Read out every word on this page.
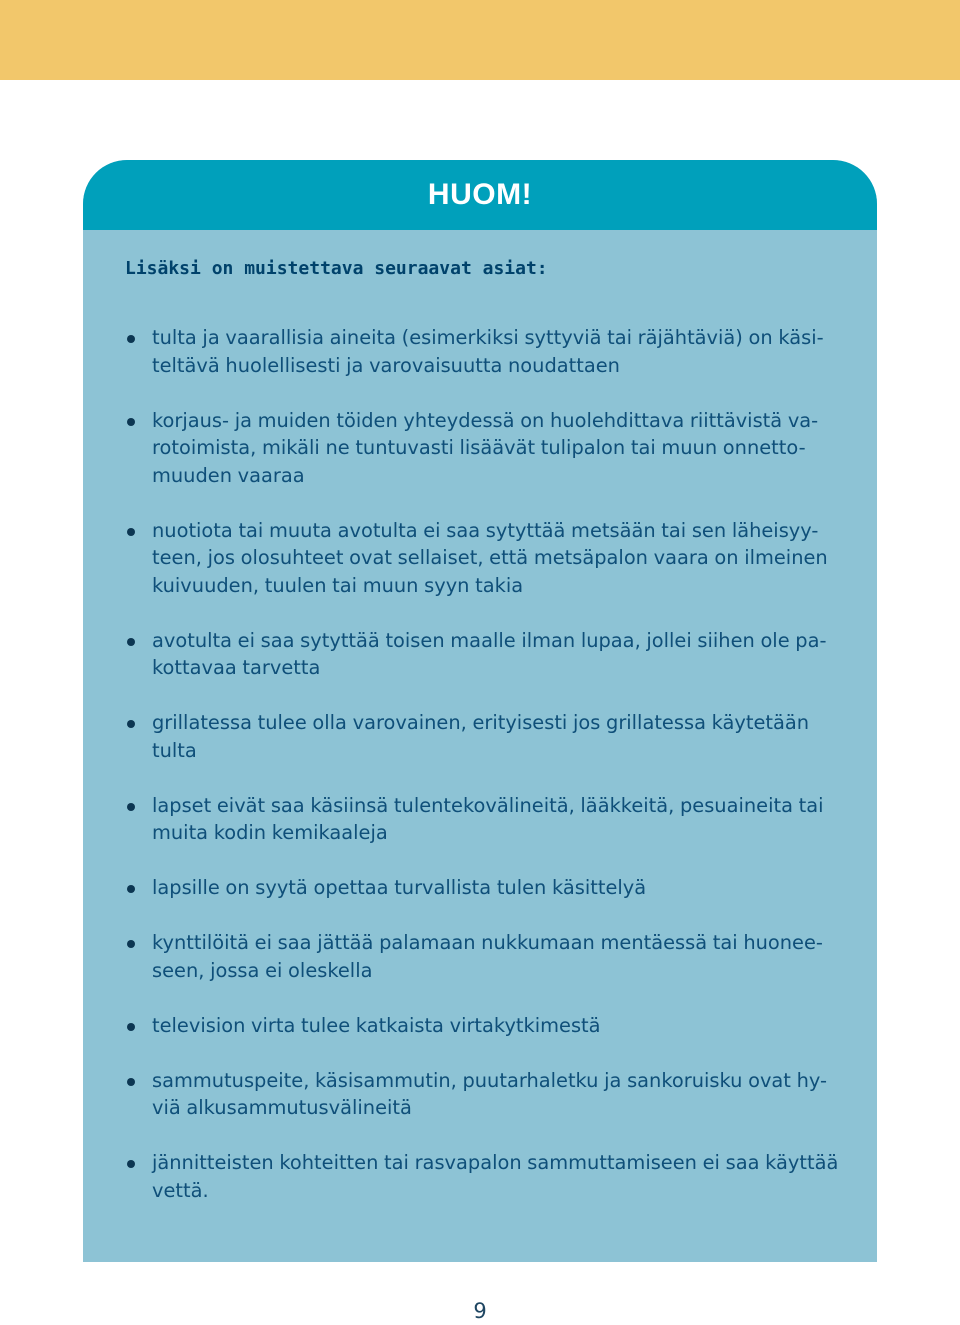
HUOM!
Lisäksi on muistettava seuraavat asiat:
tulta ja vaarallisia aineita (esimerkiksi syttyviä tai räjähtäviä) on käsi-teltävä huolellisesti ja varovaisuutta noudattaen
korjaus- ja muiden töiden yhteydessä on huolehdittava riittävistä va-rotoimista, mikäli ne tuntuvasti lisäävät tulipalon tai muun onnetto-muuden vaaraa
nuotiota tai muuta avotulta ei saa sytyttää metsään tai sen läheisyy-teen, jos olosuhteet ovat sellaiset, että metsäpalon vaara on ilmeinen kuivuuden, tuulen tai muun syyn takia
avotulta ei saa sytyttää toisen maalle ilman lupaa, jollei siihen ole pa-kottavaa tarvetta
grillatessa tulee olla varovainen, erityisesti jos grillatessa käytetään tulta
lapset eivät saa käsiinsä tulentekovälineitä, lääkkeitä, pesuaineita tai muita kodin kemikaaleja
lapsille on syytä opettaa turvallista tulen käsittelyä
kynttilöitä ei saa jättää palamaan nukkumaan mentäessä tai huonee-seen, jossa ei oleskella
television virta tulee katkaista virtakytkimestä
sammutuspeite, käsisammutin, puutarhaletku ja sankoruisku ovat hy-viä alkusammutusvälineitä
jännitteisten kohteitten tai rasvapalon sammuttamiseen ei saa käyttää vettä.
9
